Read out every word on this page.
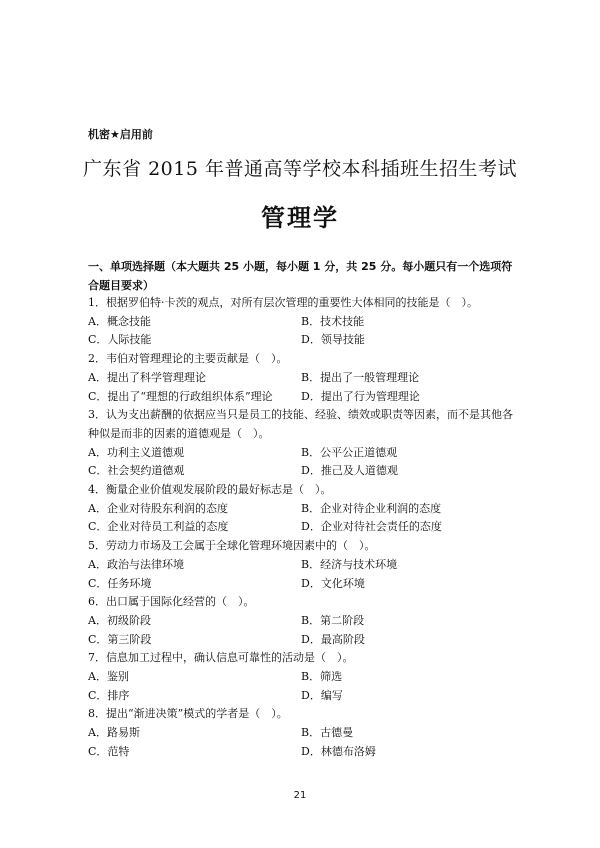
机密★启用前
广东省 2015 年普通高等学校本科插班生招生考试
管理学
一、单项选择题（本大题共 25 小题，每小题 1 分，共 25 分。每小题只有一个选项符合题目要求）
1．根据罗伯特·卡茨的观点，对所有层次管理的重要性大体相同的技能是（　）。
A．概念技能	B．技术技能
C．人际技能	D．领导技能
2．韦伯对管理理论的主要贡献是（　）。
A．提出了科学管理理论	B．提出了一般管理理论
C．提出了“理想的行政组织体系”理论	D．提出了行为管理理论
3．认为支出薪酬的依据应当只是员工的技能、经验、绩效或职责等因素，而不是其他各种似是而非的因素的道德观是（　）。
A．功利主义道德观	B．公平公正道德观
C．社会契约道德观	D．推己及人道德观
4．衡量企业价值观发展阶段的最好标志是（　）。
A．企业对待股东利润的态度	B．企业对待企业利润的态度
C．企业对待员工利益的态度	D．企业对待社会责任的态度
5．劳动力市场及工会属于全球化管理环境因素中的（　）。
A．政治与法律环境	B．经济与技术环境
C．任务环境	D．文化环境
6．出口属于国际化经营的（　）。
A．初级阶段	B．第二阶段
C．第三阶段	D．最高阶段
7．信息加工过程中，确认信息可靠性的活动是（　）。
A．鉴别	B．筛选
C．排序	D．编写
8．提出“渐进决策”模式的学者是（　）。
A．路易斯	B．古德曼
C．范特	D．林德布洛姆
21
